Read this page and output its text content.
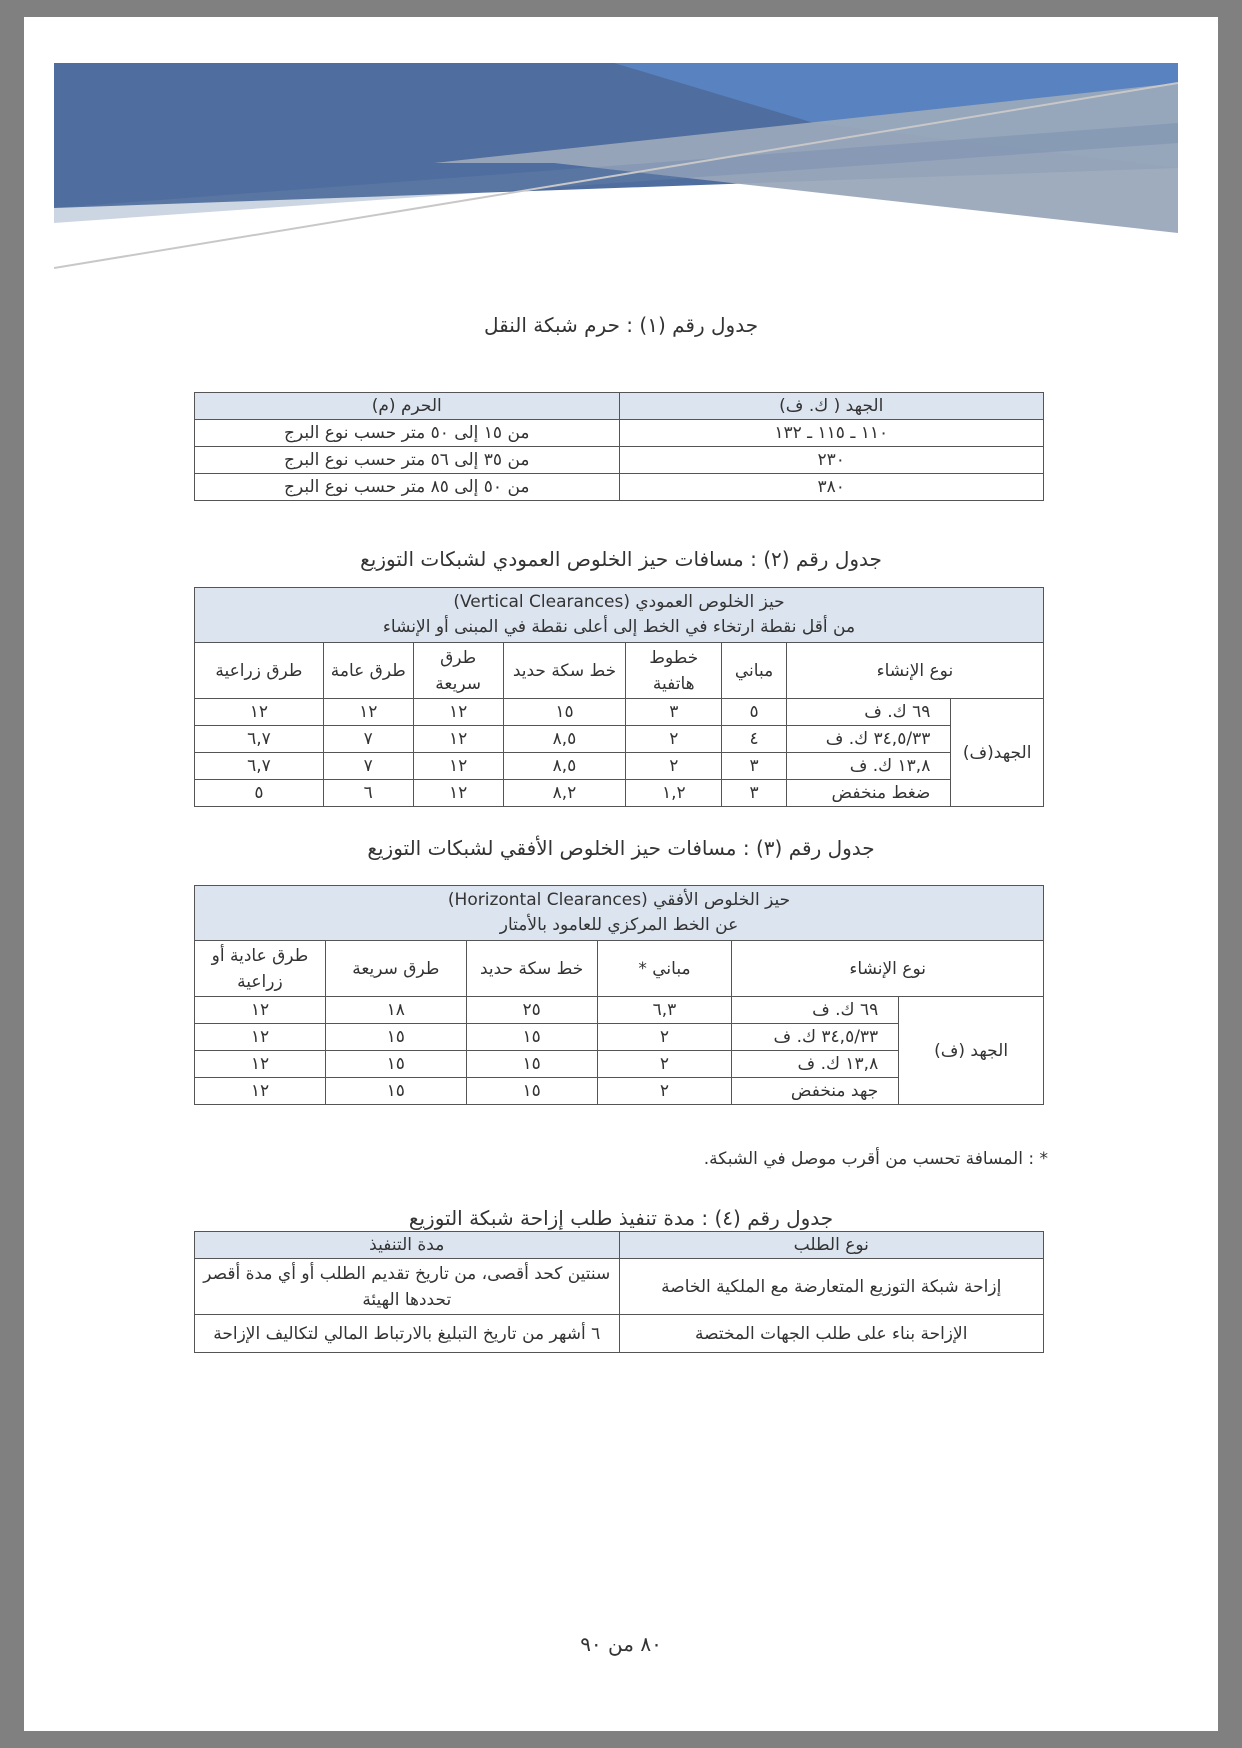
جدول رقم (١) : حرم شبكة النقل
الجهد ( ك. ف)	الحرم (م)
١١٠ ـ ١١٥ ـ ١٣٢	من ١٥ إلى ٥٠ متر حسب نوع البرج
٢٣٠	من ٣٥ إلى ٥٦ متر حسب نوع البرج
٣٨٠	من ٥٠ إلى ٨٥ متر حسب نوع البرج
جدول رقم (٢) : مسافات حيز الخلوص العمودي لشبكات التوزيع
حيز الخلوص العمودي (Vertical Clearances)
من أقل نقطة ارتخاء في الخط إلى أعلى نقطة في المبنى أو الإنشاء							

نوع الإنشاء		مباني	خطوط هاتفية	خط سكة حديد	طرق سريعة	طرق عامة	طرق زراعية
الجهد(ف)	٦٩ ك. ف	٥	٣	١٥	١٢	١٢	١٢
	٣٤,٥/٣٣ ك. ف	٤	٢	٨,٥	١٢	٧	٦,٧
	١٣,٨ ك. ف	٣	٢	٨,٥	١٢	٧	٦,٧
	ضغط منخفض	٣	١,٢	٨,٢	١٢	٦	٥
جدول رقم (٣) : مسافات حيز الخلوص الأفقي لشبكات التوزيع
حيز الخلوص الأفقي (Horizontal Clearances)
عن الخط المركزي للعامود بالأمتار					

نوع الإنشاء		مباني *	خط سكة حديد	طرق سريعة	طرق عادية أو زراعية
الجهد (ف)	٦٩ ك. ف	٦,٣	٢٥	١٨	١٢
	٣٤,٥/٣٣ ك. ف	٢	١٥	١٥	١٢
	١٣,٨ ك. ف	٢	١٥	١٥	١٢
	جهد منخفض	٢	١٥	١٥	١٢
* : المسافة تحسب من أقرب موصل في الشبكة.
جدول رقم (٤) : مدة تنفيذ طلب إزاحة شبكة التوزيع
نوع الطلب	مدة التنفيذ
إزاحة شبكة التوزيع المتعارضة مع الملكية الخاصة	سنتين كحد أقصى، من تاريخ تقديم الطلب أو أي مدة أقصر تحددها الهيئة
الإزاحة بناء على طلب الجهات المختصة	٦ أشهر من تاريخ التبليغ بالارتباط المالي لتكاليف الإزاحة
٨٠ من ٩٠
